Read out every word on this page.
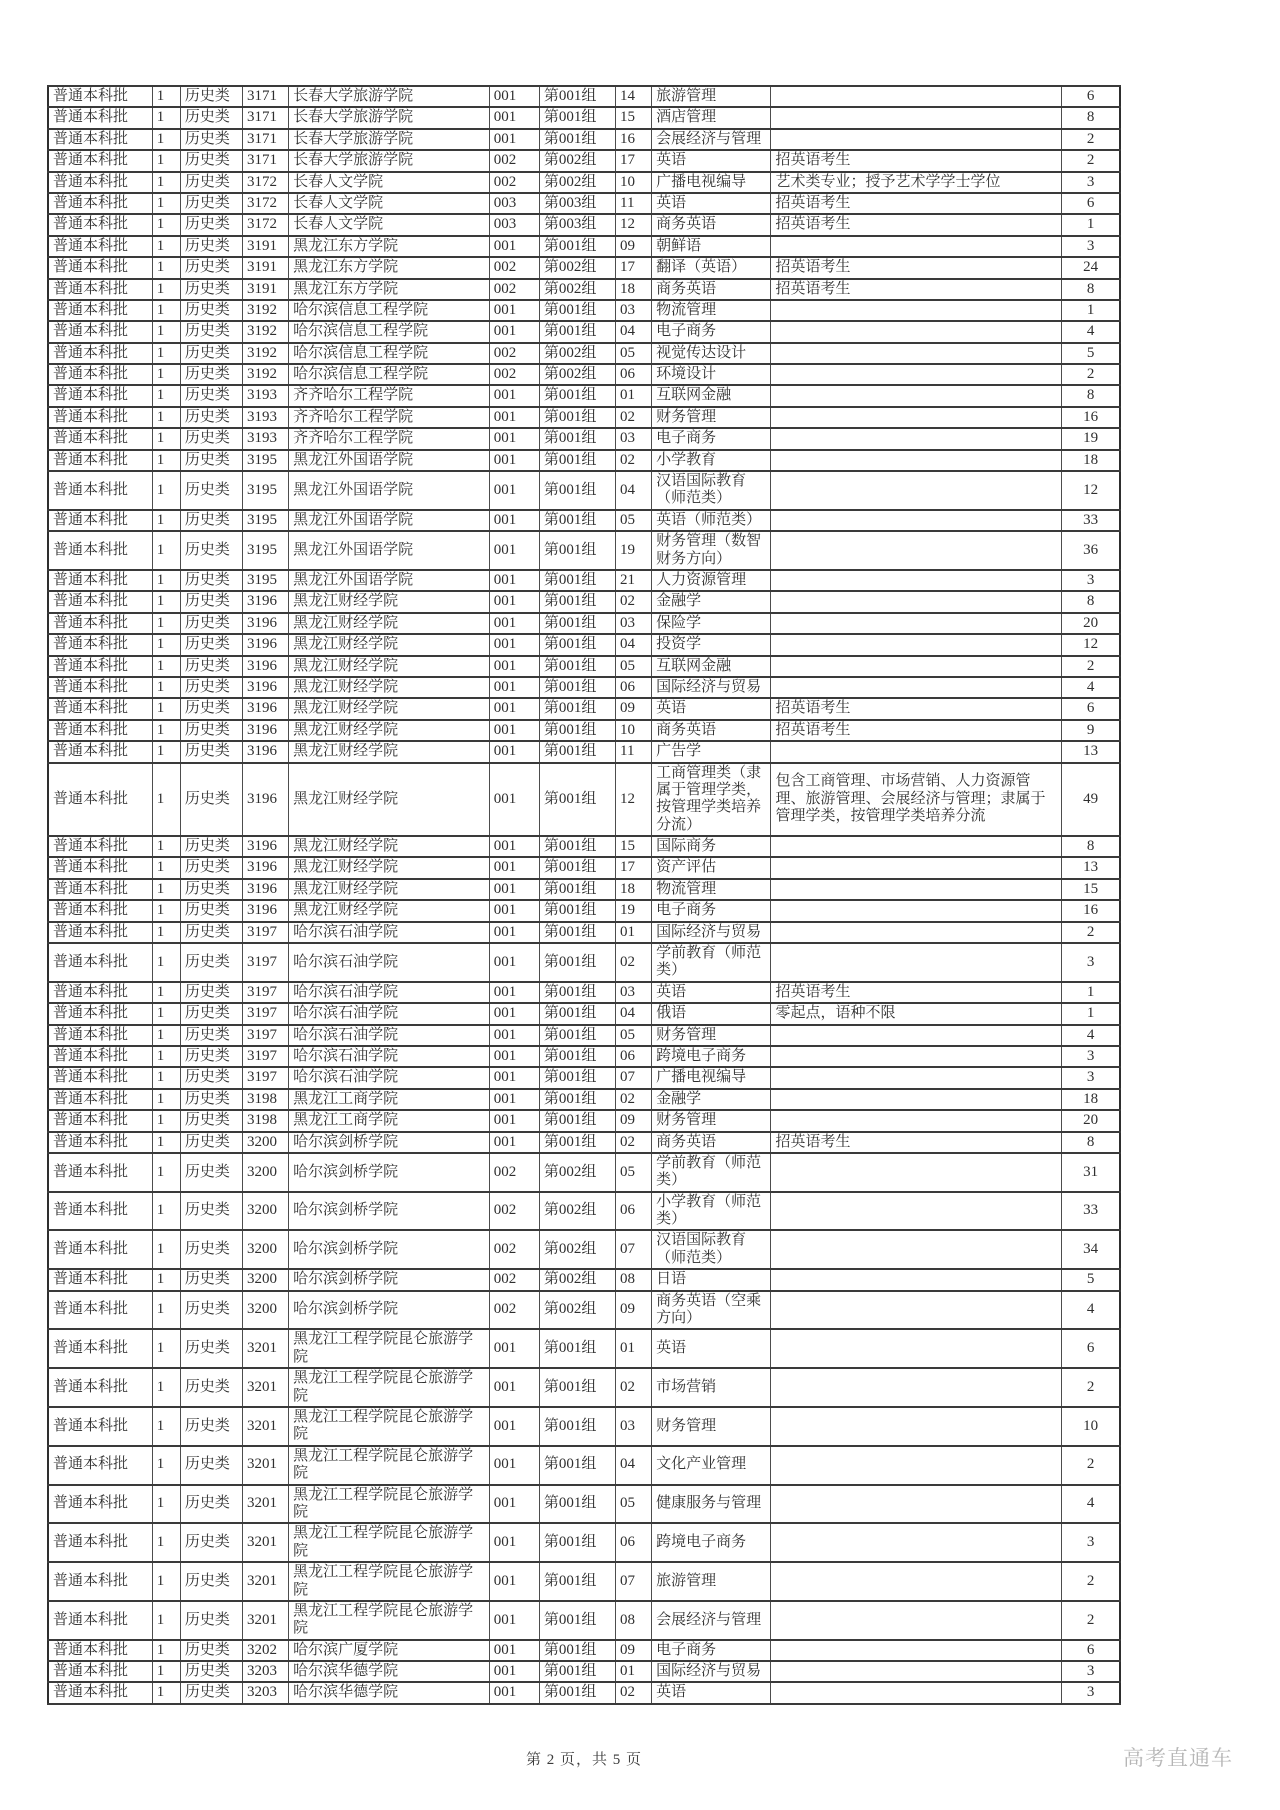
普通本科批	1	历史类	3171	长春大学旅游学院	001	第001组	14	旅游管理		6
普通本科批	1	历史类	3171	长春大学旅游学院	001	第001组	15	酒店管理		8
普通本科批	1	历史类	3171	长春大学旅游学院	001	第001组	16	会展经济与管理		2
普通本科批	1	历史类	3171	长春大学旅游学院	002	第002组	17	英语	招英语考生	2
普通本科批	1	历史类	3172	长春人文学院	002	第002组	10	广播电视编导	艺术类专业；授予艺术学学士学位	3
普通本科批	1	历史类	3172	长春人文学院	003	第003组	11	英语	招英语考生	6
普通本科批	1	历史类	3172	长春人文学院	003	第003组	12	商务英语	招英语考生	1
普通本科批	1	历史类	3191	黑龙江东方学院	001	第001组	09	朝鲜语		3
普通本科批	1	历史类	3191	黑龙江东方学院	002	第002组	17	翻译（英语）	招英语考生	24
普通本科批	1	历史类	3191	黑龙江东方学院	002	第002组	18	商务英语	招英语考生	8
普通本科批	1	历史类	3192	哈尔滨信息工程学院	001	第001组	03	物流管理		1
普通本科批	1	历史类	3192	哈尔滨信息工程学院	001	第001组	04	电子商务		4
普通本科批	1	历史类	3192	哈尔滨信息工程学院	002	第002组	05	视觉传达设计		5
普通本科批	1	历史类	3192	哈尔滨信息工程学院	002	第002组	06	环境设计		2
普通本科批	1	历史类	3193	齐齐哈尔工程学院	001	第001组	01	互联网金融		8
普通本科批	1	历史类	3193	齐齐哈尔工程学院	001	第001组	02	财务管理		16
普通本科批	1	历史类	3193	齐齐哈尔工程学院	001	第001组	03	电子商务		19
普通本科批	1	历史类	3195	黑龙江外国语学院	001	第001组	02	小学教育		18
普通本科批	1	历史类	3195	黑龙江外国语学院	001	第001组	04	汉语国际教育（师范类）		12
普通本科批	1	历史类	3195	黑龙江外国语学院	001	第001组	05	英语（师范类）		33
普通本科批	1	历史类	3195	黑龙江外国语学院	001	第001组	19	财务管理（数智财务方向）		36
普通本科批	1	历史类	3195	黑龙江外国语学院	001	第001组	21	人力资源管理		3
普通本科批	1	历史类	3196	黑龙江财经学院	001	第001组	02	金融学		8
普通本科批	1	历史类	3196	黑龙江财经学院	001	第001组	03	保险学		20
普通本科批	1	历史类	3196	黑龙江财经学院	001	第001组	04	投资学		12
普通本科批	1	历史类	3196	黑龙江财经学院	001	第001组	05	互联网金融		2
普通本科批	1	历史类	3196	黑龙江财经学院	001	第001组	06	国际经济与贸易		4
普通本科批	1	历史类	3196	黑龙江财经学院	001	第001组	09	英语	招英语考生	6
普通本科批	1	历史类	3196	黑龙江财经学院	001	第001组	10	商务英语	招英语考生	9
普通本科批	1	历史类	3196	黑龙江财经学院	001	第001组	11	广告学		13
普通本科批	1	历史类	3196	黑龙江财经学院	001	第001组	12	工商管理类（隶属于管理学类，按管理学类培养分流）	包含工商管理、市场营销、人力资源管理、旅游管理、会展经济与管理；隶属于管理学类，按管理学类培养分流	49
普通本科批	1	历史类	3196	黑龙江财经学院	001	第001组	15	国际商务		8
普通本科批	1	历史类	3196	黑龙江财经学院	001	第001组	17	资产评估		13
普通本科批	1	历史类	3196	黑龙江财经学院	001	第001组	18	物流管理		15
普通本科批	1	历史类	3196	黑龙江财经学院	001	第001组	19	电子商务		16
普通本科批	1	历史类	3197	哈尔滨石油学院	001	第001组	01	国际经济与贸易		2
普通本科批	1	历史类	3197	哈尔滨石油学院	001	第001组	02	学前教育（师范类）		3
普通本科批	1	历史类	3197	哈尔滨石油学院	001	第001组	03	英语	招英语考生	1
普通本科批	1	历史类	3197	哈尔滨石油学院	001	第001组	04	俄语	零起点，语种不限	1
普通本科批	1	历史类	3197	哈尔滨石油学院	001	第001组	05	财务管理		4
普通本科批	1	历史类	3197	哈尔滨石油学院	001	第001组	06	跨境电子商务		3
普通本科批	1	历史类	3197	哈尔滨石油学院	001	第001组	07	广播电视编导		3
普通本科批	1	历史类	3198	黑龙江工商学院	001	第001组	02	金融学		18
普通本科批	1	历史类	3198	黑龙江工商学院	001	第001组	09	财务管理		20
普通本科批	1	历史类	3200	哈尔滨剑桥学院	001	第001组	02	商务英语	招英语考生	8
普通本科批	1	历史类	3200	哈尔滨剑桥学院	002	第002组	05	学前教育（师范类）		31
普通本科批	1	历史类	3200	哈尔滨剑桥学院	002	第002组	06	小学教育（师范类）		33
普通本科批	1	历史类	3200	哈尔滨剑桥学院	002	第002组	07	汉语国际教育（师范类）		34
普通本科批	1	历史类	3200	哈尔滨剑桥学院	002	第002组	08	日语		5
普通本科批	1	历史类	3200	哈尔滨剑桥学院	002	第002组	09	商务英语（空乘方向）		4
普通本科批	1	历史类	3201	黑龙江工程学院昆仑旅游学院	001	第001组	01	英语		6
普通本科批	1	历史类	3201	黑龙江工程学院昆仑旅游学院	001	第001组	02	市场营销		2
普通本科批	1	历史类	3201	黑龙江工程学院昆仑旅游学院	001	第001组	03	财务管理		10
普通本科批	1	历史类	3201	黑龙江工程学院昆仑旅游学院	001	第001组	04	文化产业管理		2
普通本科批	1	历史类	3201	黑龙江工程学院昆仑旅游学院	001	第001组	05	健康服务与管理		4
普通本科批	1	历史类	3201	黑龙江工程学院昆仑旅游学院	001	第001组	06	跨境电子商务		3
普通本科批	1	历史类	3201	黑龙江工程学院昆仑旅游学院	001	第001组	07	旅游管理		2
普通本科批	1	历史类	3201	黑龙江工程学院昆仑旅游学院	001	第001组	08	会展经济与管理		2
普通本科批	1	历史类	3202	哈尔滨广厦学院	001	第001组	09	电子商务		6
普通本科批	1	历史类	3203	哈尔滨华德学院	001	第001组	01	国际经济与贸易		3
普通本科批	1	历史类	3203	哈尔滨华德学院	001	第001组	02	英语		3
第 2 页，共 5 页	高考直通车
